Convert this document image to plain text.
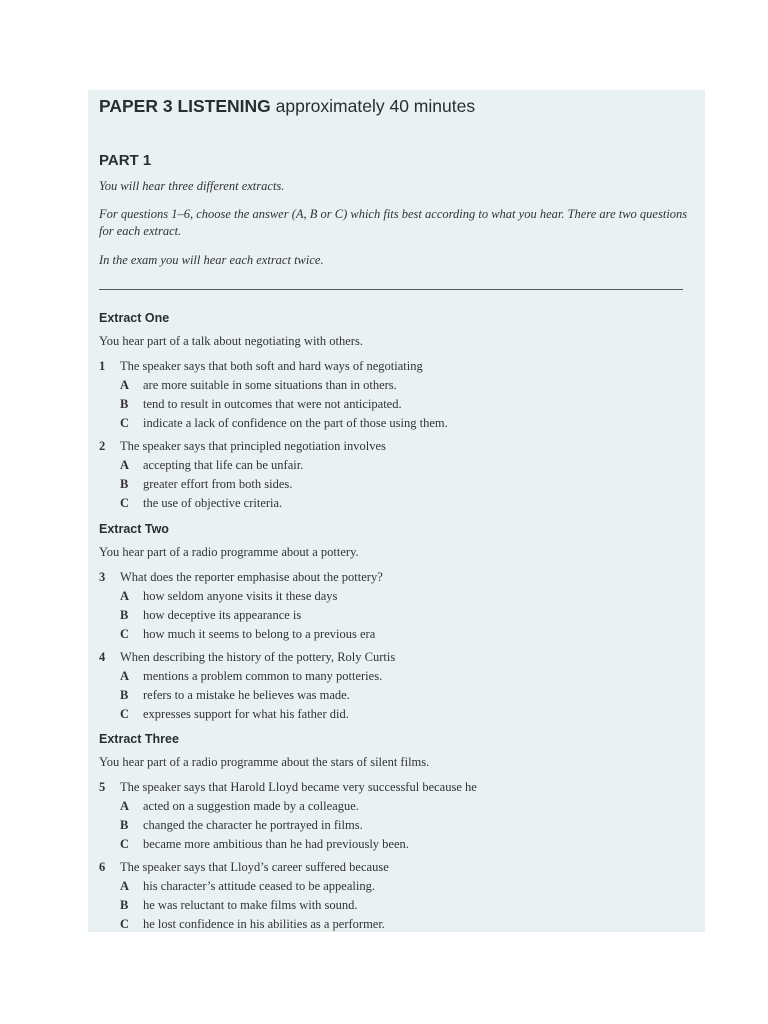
PAPER 3 LISTENING approximately 40 minutes
PART 1
You will hear three different extracts.
For questions 1–6, choose the answer (A, B or C) which fits best according to what you hear. There are two questions for each extract.
In the exam you will hear each extract twice.
Extract One
You hear part of a talk about negotiating with others.
1 The speaker says that both soft and hard ways of negotiating
A are more suitable in some situations than in others.
B tend to result in outcomes that were not anticipated.
C indicate a lack of confidence on the part of those using them.
2 The speaker says that principled negotiation involves
A accepting that life can be unfair.
B greater effort from both sides.
C the use of objective criteria.
Extract Two
You hear part of a radio programme about a pottery.
3 What does the reporter emphasise about the pottery?
A how seldom anyone visits it these days
B how deceptive its appearance is
C how much it seems to belong to a previous era
4 When describing the history of the pottery, Roly Curtis
A mentions a problem common to many potteries.
B refers to a mistake he believes was made.
C expresses support for what his father did.
Extract Three
You hear part of a radio programme about the stars of silent films.
5 The speaker says that Harold Lloyd became very successful because he
A acted on a suggestion made by a colleague.
B changed the character he portrayed in films.
C became more ambitious than he had previously been.
6 The speaker says that Lloyd’s career suffered because
A his character’s attitude ceased to be appealing.
B he was reluctant to make films with sound.
C he lost confidence in his abilities as a performer.
